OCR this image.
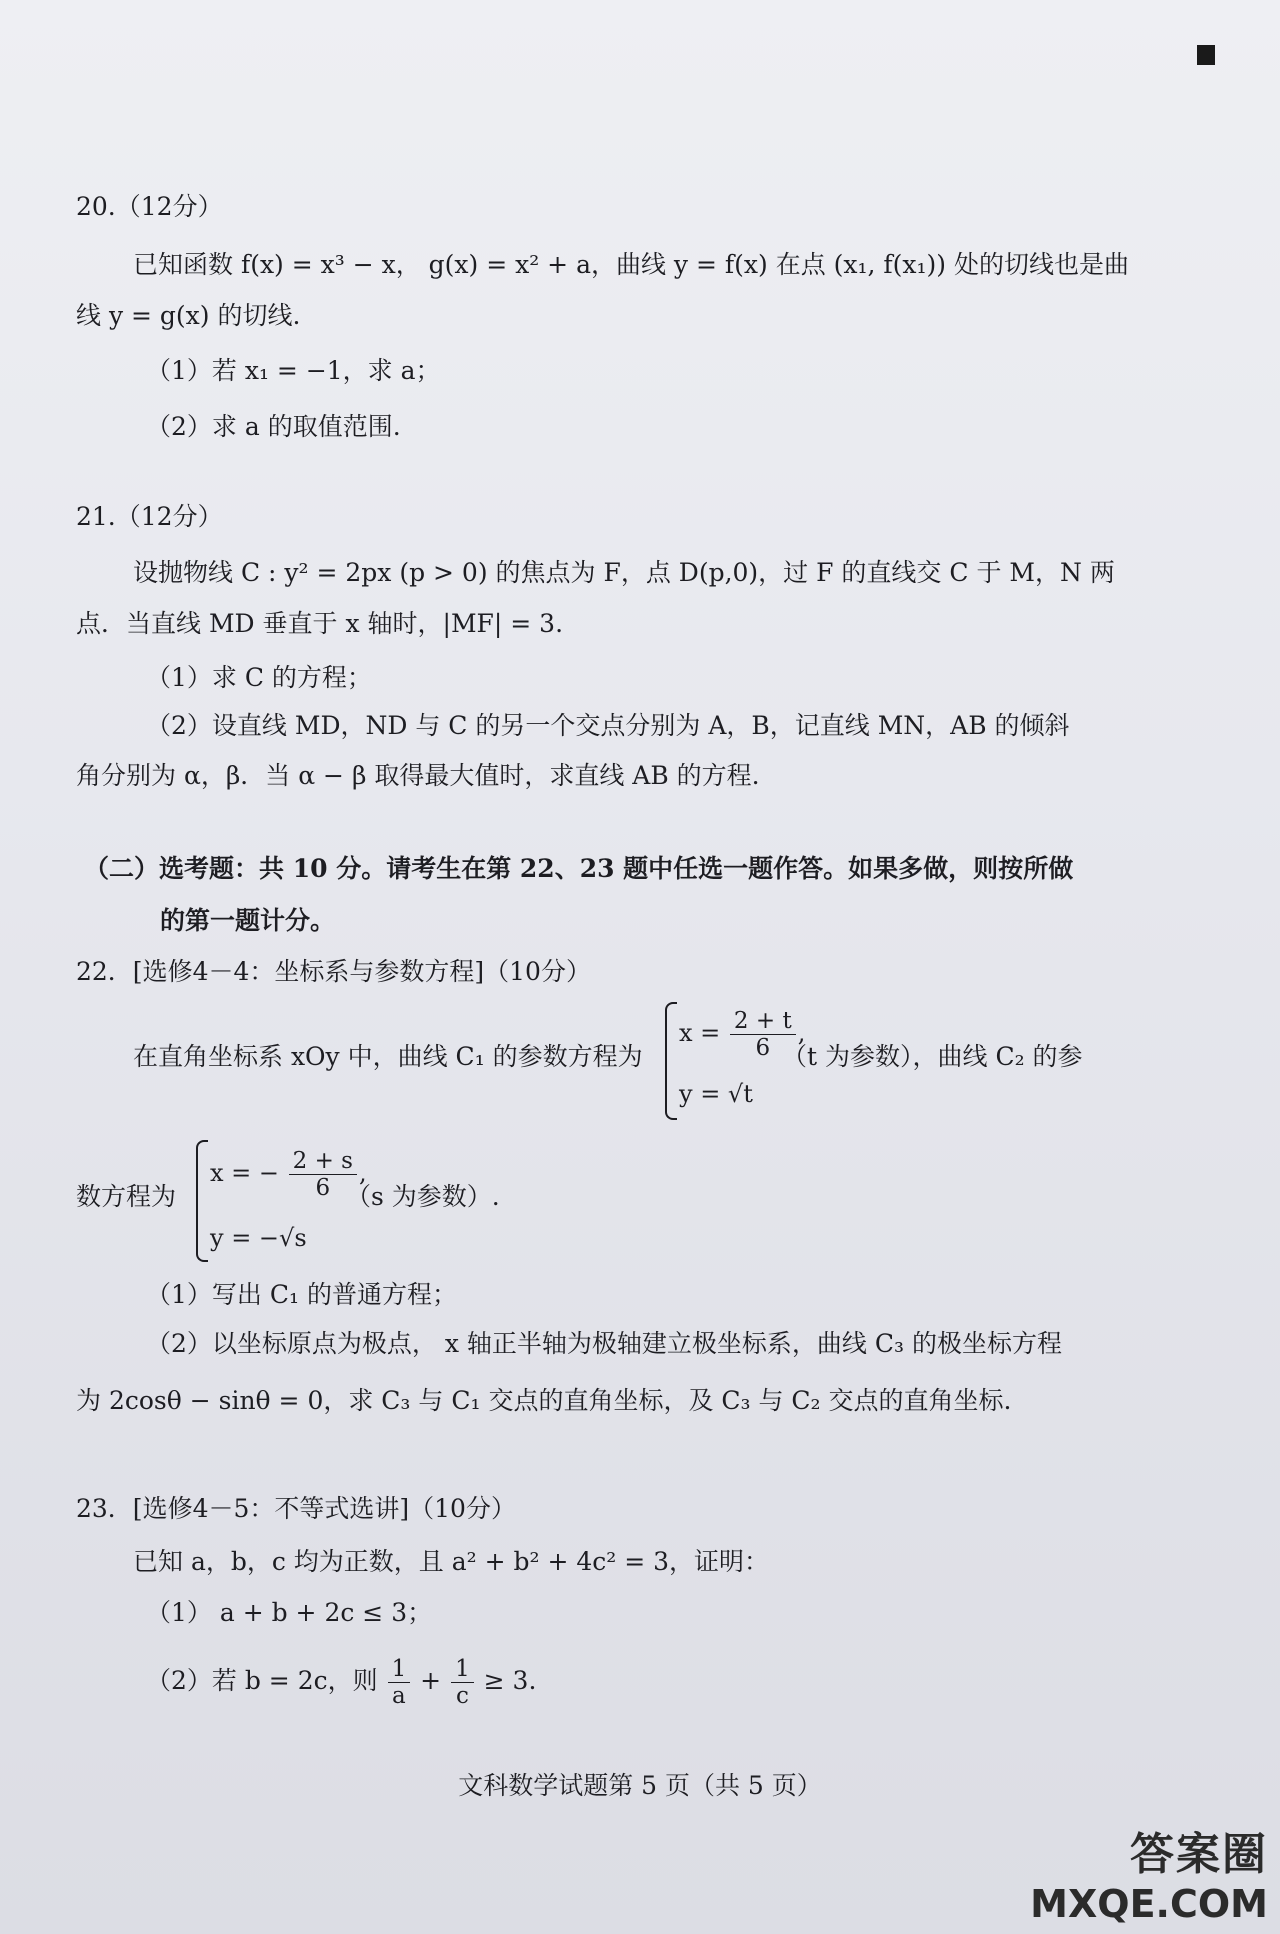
20.（12分）
已知函数 f(x) = x³ − x， g(x) = x² + a，曲线 y = f(x) 在点 (x₁, f(x₁)) 处的切线也是曲
线 y = g(x) 的切线.
（1）若 x₁ = −1，求 a；
（2）求 a 的取值范围.
21.（12分）
设抛物线 C : y² = 2px (p > 0) 的焦点为 F，点 D(p,0)，过 F 的直线交 C 于 M，N 两
点．当直线 MD 垂直于 x 轴时，|MF| = 3.
（1）求 C 的方程；
（2）设直线 MD，ND 与 C 的另一个交点分别为 A，B，记直线 MN，AB 的倾斜
角分别为 α，β．当 α − β 取得最大值时，求直线 AB 的方程.
（二）选考题：共 10 分。请考生在第 22、23 题中任选一题作答。如果多做，则按所做
的第一题计分。
22．[选修4－4：坐标系与参数方程]（10分）
在直角坐标系 xOy 中，曲线 C₁ 的参数方程为
$x = \frac{2 + t}{6}$ ,
y = √t
（t 为参数），曲线 C₂ 的参
数方程为
x = − $\frac{2 + s}{6}$ ,
y = −√s
（s 为参数）.
（1）写出 C₁ 的普通方程；
（2）以坐标原点为极点， x 轴正半轴为极轴建立极坐标系，曲线 C₃ 的极坐标方程
为 2cosθ − sinθ = 0，求 C₃ 与 C₁ 交点的直角坐标，及 C₃ 与 C₂ 交点的直角坐标.
23．[选修4－5：不等式选讲]（10分）
已知 a，b，c 均为正数，且 a² + b² + 4c² = 3，证明：
（1） a + b + 2c ≤ 3；
（2）若 b = 2c，则 $\frac{1}{a} + \frac{1}{c} \ge 3$.
文科数学试题第 5 页（共 5 页）
答案圈
MXQE.COM
